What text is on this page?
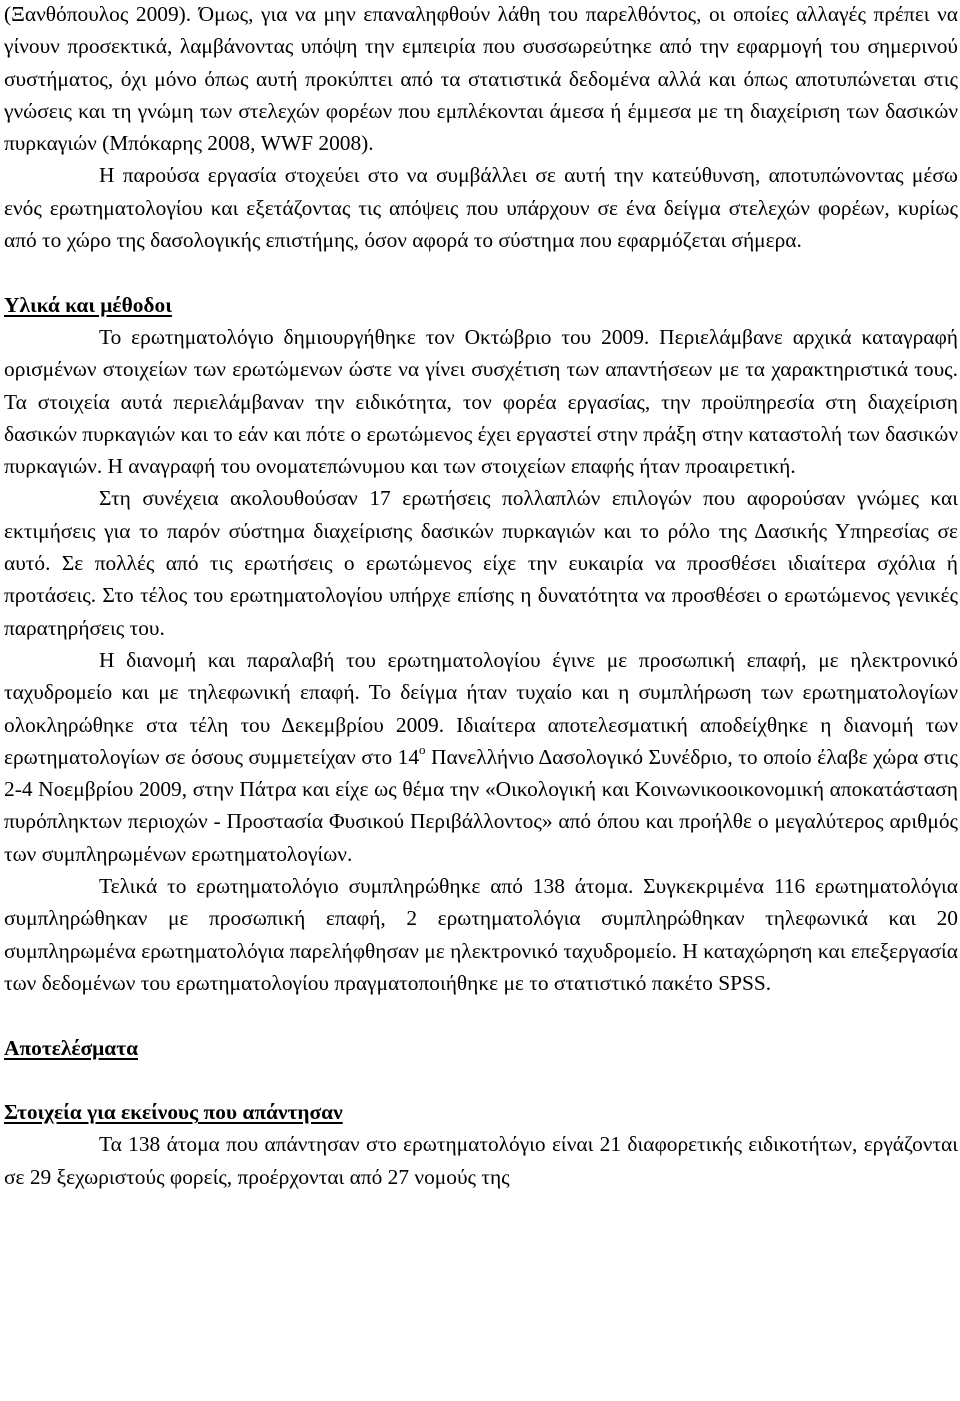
(Ξανθόπουλος 2009). Όμως, για να μην επαναληφθούν λάθη του παρελθόντος, οι οποίες αλλαγές πρέπει να γίνουν προσεκτικά, λαμβάνοντας υπόψη την εμπειρία που συσσωρεύτηκε από την εφαρμογή του σημερινού συστήματος, όχι μόνο όπως αυτή προκύπτει από τα στατιστικά δεδομένα αλλά και όπως αποτυπώνεται στις γνώσεις και τη γνώμη των στελεχών φορέων που εμπλέκονται άμεσα ή έμμεσα με τη διαχείριση των δασικών πυρκαγιών (Μπόκαρης 2008, WWF 2008).

Η παρούσα εργασία στοχεύει στο να συμβάλλει σε αυτή την κατεύθυνση, αποτυπώνοντας μέσω ενός ερωτηματολογίου και εξετάζοντας τις απόψεις που υπάρχουν σε ένα δείγμα στελεχών φορέων, κυρίως από το χώρο της δασολογικής επιστήμης, όσον αφορά το σύστημα που εφαρμόζεται σήμερα.

Υλικά και μέθοδοι

Το ερωτηματολόγιο δημιουργήθηκε τον Οκτώβριο του 2009. Περιελάμβανε αρχικά καταγραφή ορισμένων στοιχείων των ερωτώμενων ώστε να γίνει συσχέτιση των απαντήσεων με τα χαρακτηριστικά τους. Τα στοιχεία αυτά περιελάμβαναν την ειδικότητα, τον φορέα εργασίας, την προϋπηρεσία στη διαχείριση δασικών πυρκαγιών και το εάν και πότε ο ερωτώμενος έχει εργαστεί στην πράξη στην καταστολή των δασικών πυρκαγιών. Η αναγραφή του ονοματεπώνυμου και των στοιχείων επαφής ήταν προαιρετική.

Στη συνέχεια ακολουθούσαν 17 ερωτήσεις πολλαπλών επιλογών που αφορούσαν γνώμες και εκτιμήσεις για το παρόν σύστημα διαχείρισης δασικών πυρκαγιών και το ρόλο της Δασικής Υπηρεσίας σε αυτό. Σε πολλές από τις ερωτήσεις ο ερωτώμενος είχε την ευκαιρία να προσθέσει ιδιαίτερα σχόλια ή προτάσεις. Στο τέλος του ερωτηματολογίου υπήρχε επίσης η δυνατότητα να προσθέσει ο ερωτώμενος γενικές παρατηρήσεις του.

Η διανομή και παραλαβή του ερωτηματολογίου έγινε με προσωπική επαφή, με ηλεκτρονικό ταχυδρομείο και με τηλεφωνική επαφή. Το δείγμα ήταν τυχαίο και η συμπλήρωση των ερωτηματολογίων ολοκληρώθηκε στα τέλη του Δεκεμβρίου 2009. Ιδιαίτερα αποτελεσματική αποδείχθηκε η διανομή των ερωτηματολογίων σε όσους συμμετείχαν στο $14^o$ Πανελλήνιο Δασολογικό Συνέδριο, το οποίο έλαβε χώρα στις 2-4 Νοεμβρίου 2009, στην Πάτρα και είχε ως θέμα την «Οικολογική και Κοινωνικοοικονομική αποκατάσταση πυρόπληκτων περιοχών - Προστασία Φυσικού Περιβάλλοντος» από όπου και προήλθε ο μεγαλύτερος αριθμός των συμπληρωμένων ερωτηματολογίων.

Τελικά το ερωτηματολόγιο συμπληρώθηκε από 138 άτομα. Συγκεκριμένα 116 ερωτηματολόγια συμπληρώθηκαν με προσωπική επαφή, 2 ερωτηματολόγια συμπληρώθηκαν τηλεφωνικά και 20 συμπληρωμένα ερωτηματολόγια παρελήφθησαν με ηλεκτρονικό ταχυδρομείο. Η καταχώρηση και επεξεργασία των δεδομένων του ερωτηματολογίου πραγματοποιήθηκε με το στατιστικό πακέτο SPSS.

Αποτελέσματα

Στοιχεία για εκείνους που απάντησαν

Τα 138 άτομα που απάντησαν στο ερωτηματολόγιο είναι 21 διαφορετικής ειδικοτήτων, εργάζονται σε 29 ξεχωριστούς φορείς, προέρχονται από 27 νομούς της
